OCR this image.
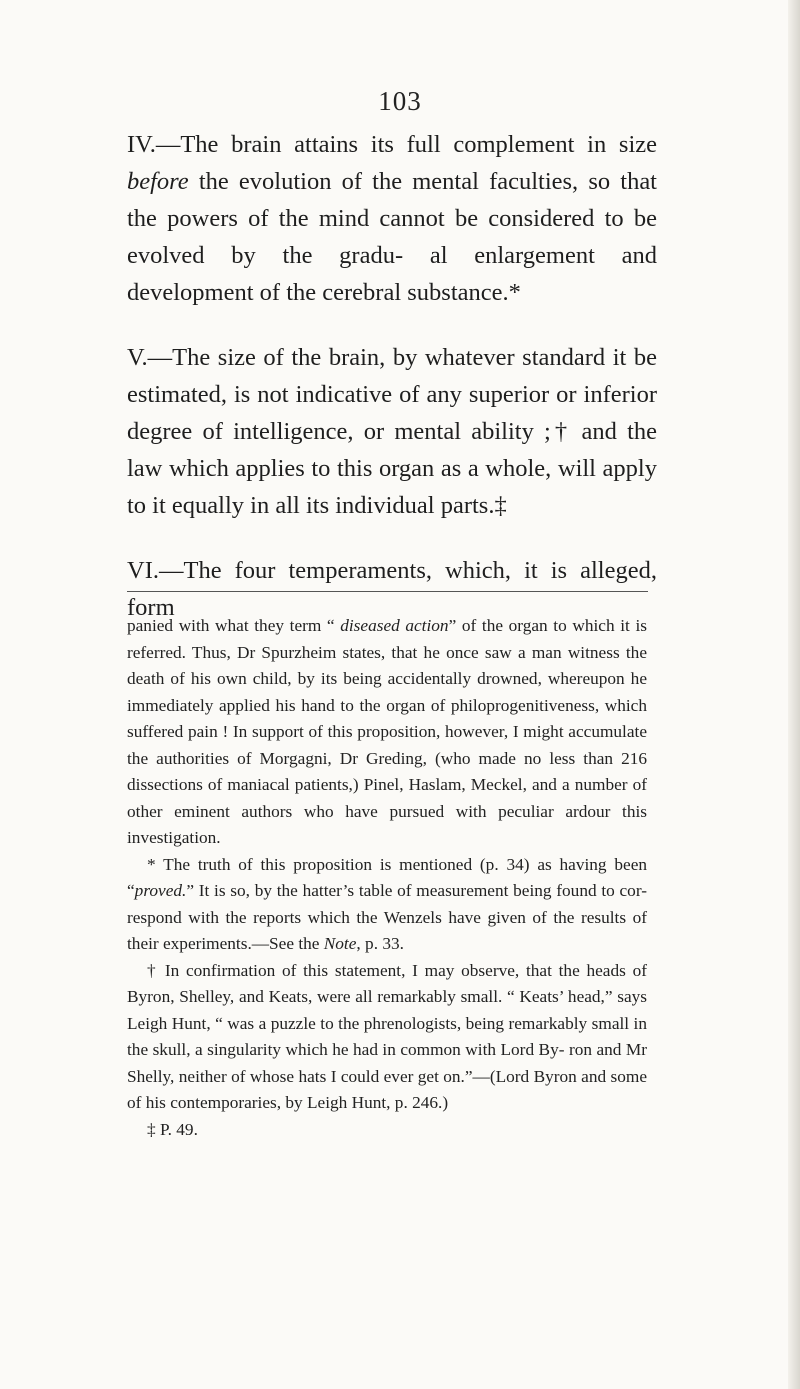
103

IV.—The brain attains its full complement in size before the evolution of the mental faculties, so that the powers of the mind cannot be considered to be evolved by the gradu- al enlargement and development of the cerebral substance.*

V.—The size of the brain, by whatever standard it be estimated, is not indicative of any superior or inferior degree of intelligence, or mental ability ;† and the law which applies to this organ as a whole, will apply to it equally in all its individual parts.‡

VI.—The four temperaments, which, it is alleged, form

panied with what they term “ diseased action” of the organ to which it is referred. Thus, Dr Spurzheim states, that he once saw a man witness the death of his own child, by its being accidentally drowned, whereupon he immediately applied his hand to the organ of philoprogenitiveness, which suffered pain ! In support of this proposition, however, I might accumulate the authorities of Morgagni, Dr Greding, (who made no less than 216 dissections of maniacal patients,) Pinel, Haslam, Meckel, and a number of other eminent authors who have pursued with peculiar ardour this investigation.

* The truth of this proposition is mentioned (p. 34) as having been “proved.” It is so, by the hatter’s table of measurement being found to cor- respond with the reports which the Wenzels have given of the results of their experiments.—See the Note, p. 33.

† In confirmation of this statement, I may observe, that the heads of Byron, Shelley, and Keats, were all remarkably small. “ Keats’ head,” says Leigh Hunt, “ was a puzzle to the phrenologists, being remarkably small in the skull, a singularity which he had in common with Lord By- ron and Mr Shelly, neither of whose hats I could ever get on.”—(Lord Byron and some of his contemporaries, by Leigh Hunt, p. 246.)

‡ P. 49.
